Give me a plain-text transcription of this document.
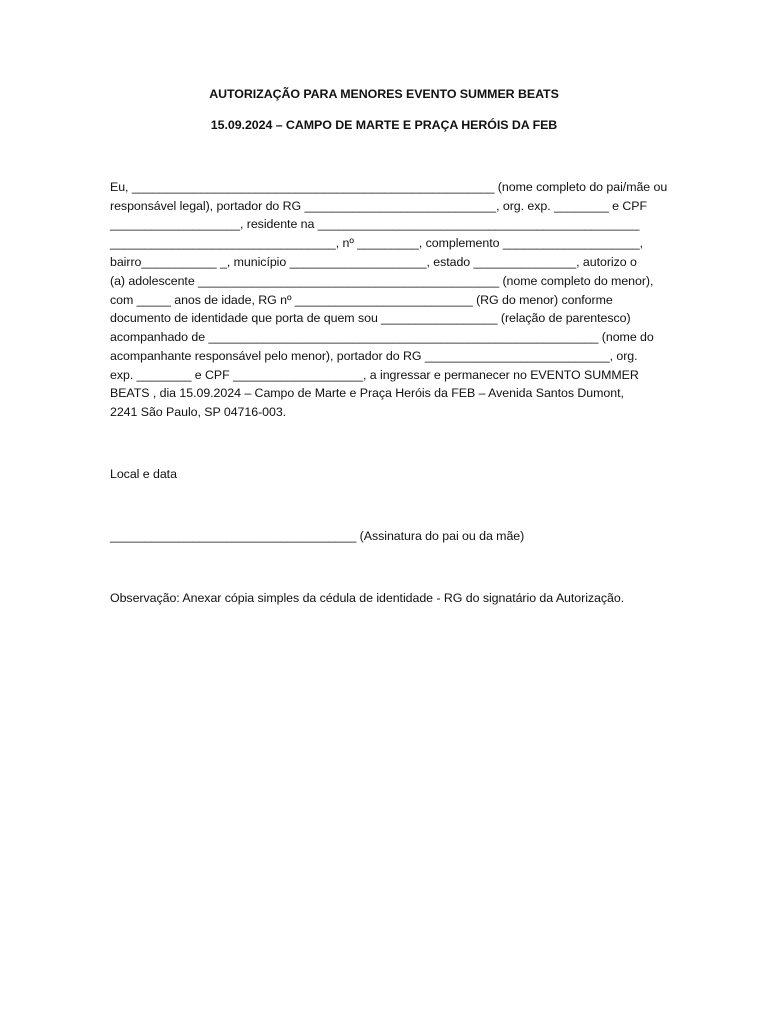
AUTORIZAÇÃO PARA MENORES EVENTO SUMMER BEATS
15.09.2024 – CAMPO DE MARTE E PRAÇA HERÓIS DA FEB
Eu, _____________________________________________________ (nome completo do pai/mãe ou
responsável legal), portador do RG ____________________________, org. exp. ________ e CPF
___________________, residente na _______________________________________________
_________________________________, nº _________, complemento ____________________,
bairro___________ _, município ____________________, estado _______________, autorizo o
(a) adolescente ____________________________________________ (nome completo do menor),
com _____ anos de idade, RG nº __________________________ (RG do menor) conforme
documento de identidade que porta de quem sou _________________ (relação de parentesco)
acompanhado de _________________________________________________________ (nome do
acompanhante responsável pelo menor), portador do RG ___________________________, org.
exp. ________ e CPF ___________________, a ingressar e permanecer no EVENTO SUMMER
BEATS , dia 15.09.2024 – Campo de Marte e Praça Heróis da FEB – Avenida Santos Dumont,
2241 São Paulo, SP 04716-003.
Local e data
____________________________________ (Assinatura do pai ou da mãe)
Observação: Anexar cópia simples da cédula de identidade - RG do signatário da Autorização.
